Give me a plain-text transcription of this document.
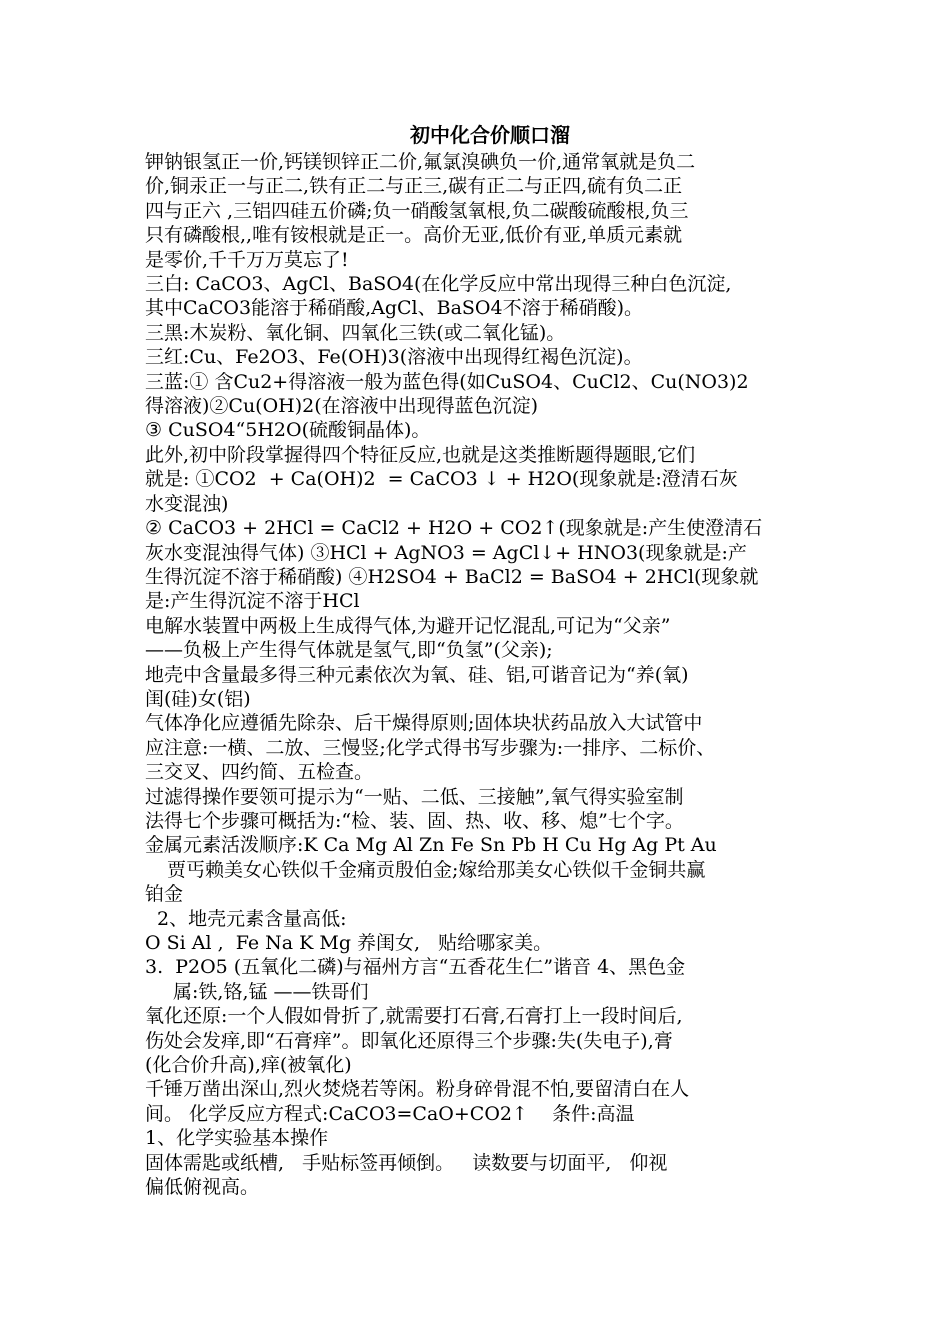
初中化合价顺口溜

钾钠银氢正一价,钙镁钡锌正二价,氟氯溴碘负一价,通常氧就是负二

价,铜汞正一与正二,铁有正二与正三,碳有正二与正四,硫有负二正

四与正六 ,三铝四硅五价磷;负一硝酸氢氧根,负二碳酸硫酸根,负三

只有磷酸根,,唯有铵根就是正一。高价无亚,低价有亚,单质元素就

是零价,千千万万莫忘了!

三白: CaCO3、AgCl、BaSO4(在化学反应中常出现得三种白色沉淀,

其中CaCO3能溶于稀硝酸,AgCl、BaSO4不溶于稀硝酸)。

三黑:木炭粉、氧化铜、四氧化三铁(或二氧化锰)。

三红:Cu、Fe2O3、Fe(OH)3(溶液中出现得红褐色沉淀)。

三蓝:① 含Cu2+得溶液一般为蓝色得(如CuSO4、CuCl2、Cu(NO3)2

得溶液)②Cu(OH)2(在溶液中出现得蓝色沉淀)

③ CuSO4“5H2O(硫酸铜晶体)。

此外,初中阶段掌握得四个特征反应,也就是这类推断题得题眼,它们

就是: ①CO2  + Ca(OH)2  = CaCO3 ↓ + H2O(现象就是:澄清石灰

水变混浊)

② CaCO3 + 2HCl = CaCl2 + H2O + CO2↑(现象就是:产生使澄清石

灰水变混浊得气体) ③HCl + AgNO3 = AgCl↓+ HNO3(现象就是:产

生得沉淀不溶于稀硝酸) ④H2SO4 + BaCl2 = BaSO4 + 2HCl(现象就

是:产生得沉淀不溶于HCl

电解水装置中两极上生成得气体,为避开记忆混乱,可记为“父亲”

——负极上产生得气体就是氢气,即“负氢”(父亲);

地壳中含量最多得三种元素依次为氧、硅、铝,可谐音记为“养(氧)

闺(硅)女(铝)

气体净化应遵循先除杂、后干燥得原则;固体块状药品放入大试管中

应注意:一横、二放、三慢竖;化学式得书写步骤为:一排序、二标价、

三交叉、四约简、五检查。

过滤得操作要领可提示为“一贴、二低、三接触”,氧气得实验室制

法得七个步骤可概括为:“检、装、固、热、收、移、熄”七个字。

金属元素活泼顺序:K Ca Mg Al Zn Fe Sn Pb H Cu Hg Ag Pt Au

贾丐赖美女心铁似千金痛贡殷伯金;嫁给那美女心铁似千金铜共赢

铂金

2、地壳元素含量高低:

O Si Al ,  Fe Na K Mg 养闺女,   贴给哪家美。

3.  P2O5 (五氧化二磷)与福州方言“五香花生仁”谐音 4、黑色金

属:铁,铬,锰 ——铁哥们

氧化还原:一个人假如骨折了,就需要打石膏,石膏打上一段时间后,

伤处会发痒,即“石膏痒”。即氧化还原得三个步骤:失(失电子),膏

(化合价升高),痒(被氧化)

千锤万凿出深山,烈火焚烧若等闲。粉身碎骨混不怕,要留清白在人

间。 化学反应方程式:CaCO3=CaO+CO2↑    条件:高温

1、化学实验基本操作

固体需匙或纸槽,   手贴标签再倾倒。   读数要与切面平,   仰视

偏低俯视高。
